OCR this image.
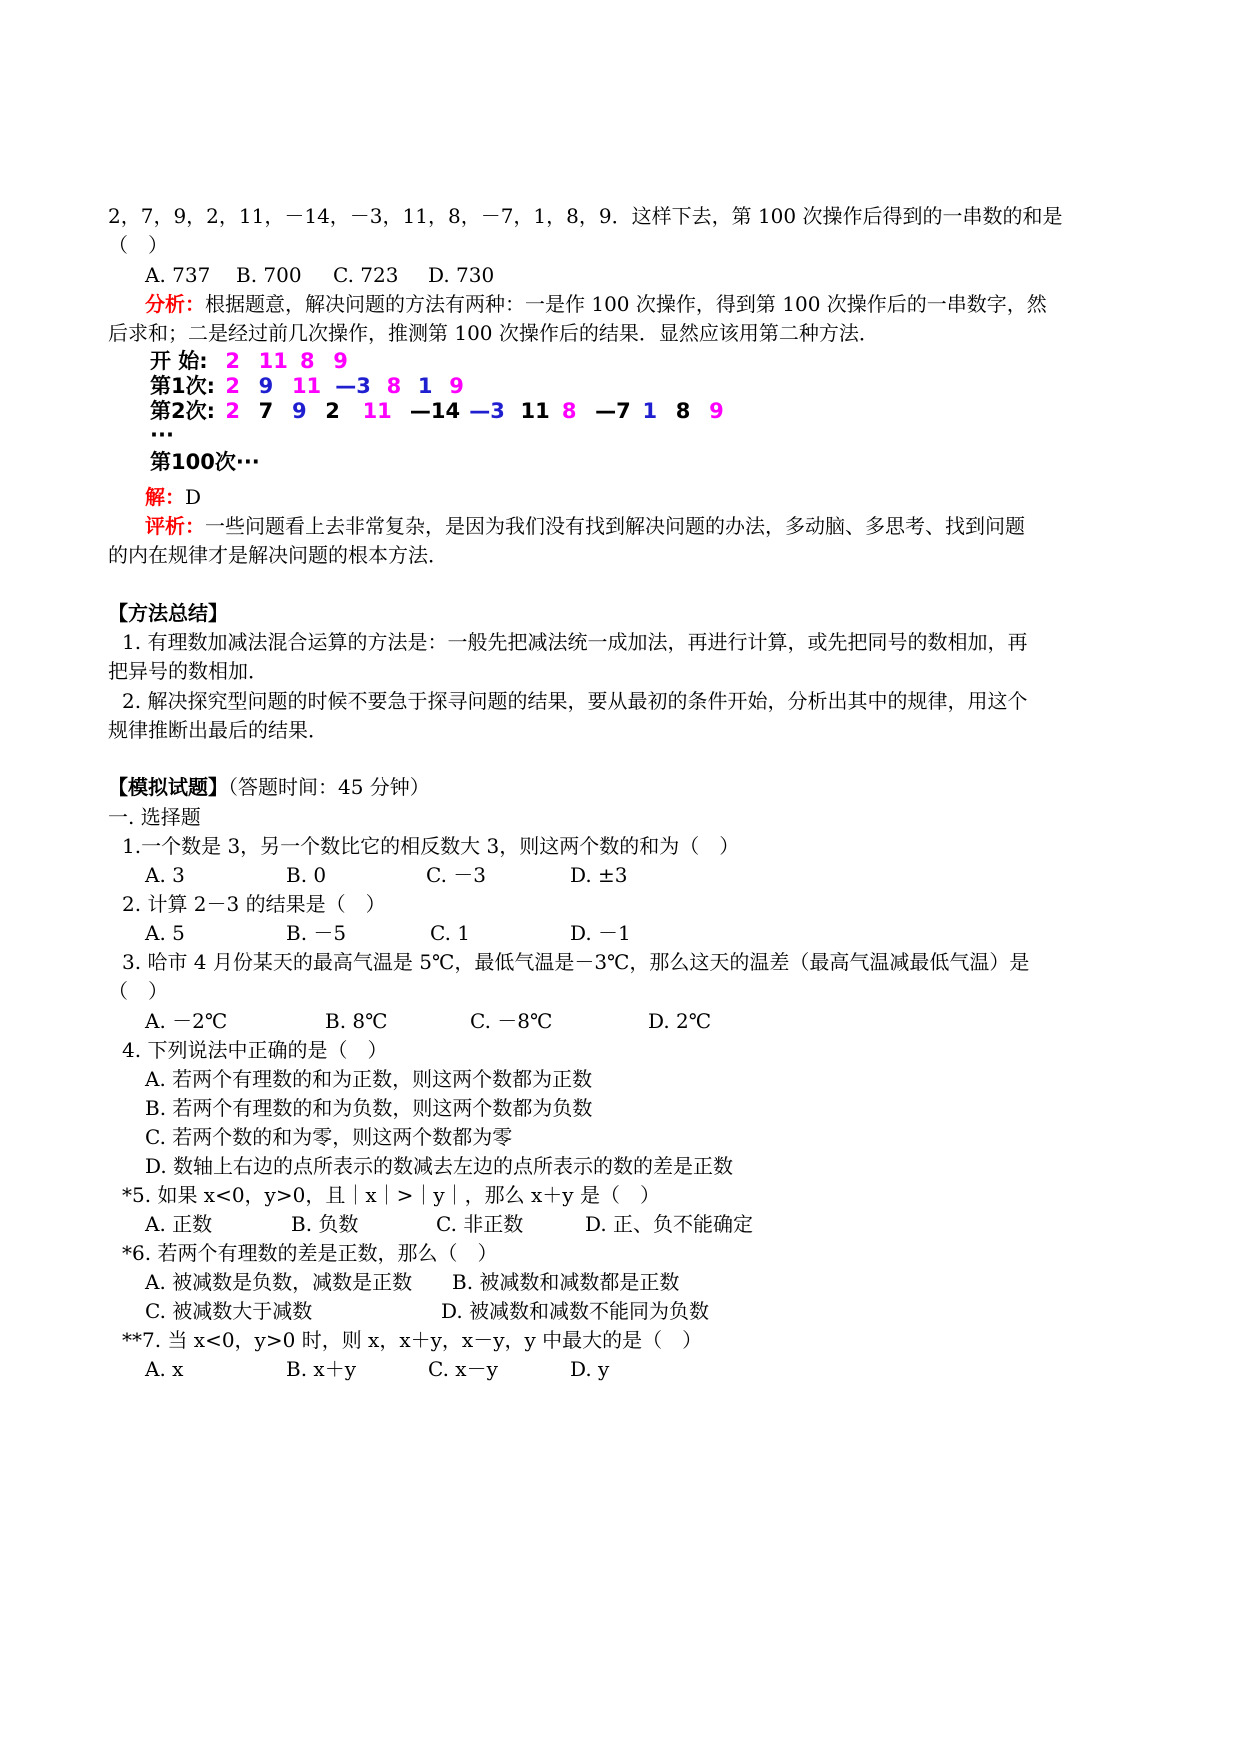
2，7，9，2，11，－14，－3，11，8，－7，1，8，9．这样下去，第 100 次操作后得到的一串数的和是
（　）
A. 737 B. 700 C. 723 D. 730
分析：根据题意，解决问题的方法有两种：一是作 100 次操作，得到第 100 次操作后的一串数字，然
后求和；二是经过前几次操作，推测第 100 次操作后的结果．显然应该用第二种方法．
开 始: 2 11 8 9
第1次: 2 9 11 —3 8 1 9
第2次: 2 7 9 2 11 —14 —3 11 8 —7 1 8 9
···
第100次···
解：D
评析：一些问题看上去非常复杂，是因为我们没有找到解决问题的办法，多动脑、多思考、找到问题
的内在规律才是解决问题的根本方法．
【方法总结】
1. 有理数加减法混合运算的方法是：一般先把减法统一成加法，再进行计算，或先把同号的数相加，再
把异号的数相加．
2. 解决探究型问题的时候不要急于探寻问题的结果，要从最初的条件开始，分析出其中的规律，用这个
规律推断出最后的结果．
【模拟试题】（答题时间：45 分钟）
一. 选择题
1.一个数是 3，另一个数比它的相反数大 3，则这两个数的和为（　）
A. 3	B. 0	C. －3	D. ±3
2. 计算 2－3 的结果是（　）
A. 5	B. －5	C. 1	D. －1
3. 哈市 4 月份某天的最高气温是 5℃，最低气温是－3℃，那么这天的温差（最高气温减最低气温）是
（　）
A. －2℃	B. 8℃	C. －8℃	D. 2℃
4. 下列说法中正确的是（　）
A. 若两个有理数的和为正数，则这两个数都为正数
B. 若两个有理数的和为负数，则这两个数都为负数
C. 若两个数的和为零，则这两个数都为零
D. 数轴上右边的点所表示的数减去左边的点所表示的数的差是正数
*5. 如果 x<0，y>0，且｜x｜>｜y｜，那么 x＋y 是（　）
A. 正数	B. 负数	C. 非正数	D. 正、负不能确定
*6. 若两个有理数的差是正数，那么（　）
A. 被减数是负数，减数是正数 B. 被减数和减数都是正数
C. 被减数大于减数	D. 被减数和减数不能同为负数
**7. 当 x<0，y>0 时，则 x，x＋y，x－y，y 中最大的是（　）
A. x	B. x＋y	C. x－y	D. y
